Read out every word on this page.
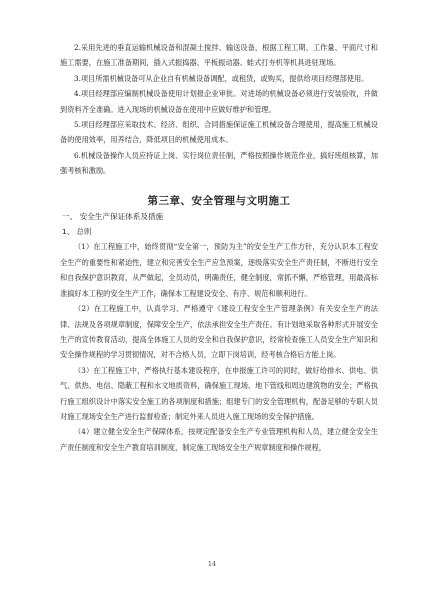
2.采用先进的垂直运输机械设备和混凝土搅拌、输送设备，根据工程工期、工作量、平面尺寸和施工需要，在施工准备期间，插入式振捣器、平板振动器、蛙式打夯机等机具进驻现场。

3.项目所需机械设备可从企业自有机械设备调配，或租赁，或购买，提供给项目经理部使用。

4.项目经理部应编制机械设备使用计划报企业审批。对进场的机械设备必须进行安装验收，并做到资料齐全准确。进入现场的机械设备在使用中应做好维护和管理。

5.项目经理部应采取技术、经济、组织、合同措施保证施工机械设备合理使用，提高施工机械设备的使用效率，用养结合，降低项目的机械使用成本。

6.机械设备操作人员应持证上岗、实行岗位责任制，严格按照操作规范作业，搞好班组核算，加强考核和激励。

第三章、安全管理与文明施工
一、 安全生产保证体系及措施
1、 总则

（1）在工程施工中，始终贯彻“安全第一，预防为主”的安全生产工作方针，充分认识本工程安全生产的重要性和紧迫性，建立和完善安全生产应急预案，逐级落实安全生产责任制，不断进行安全和自我保护意识教育，从严做起，全员动员，明确责任，健全制度，常抓不懈，严格管理，用最高标准搞好本工程的安全生产工作，确保本工程建设安全、有序、规范和顺利进行。

（2）在工程施工中，认真学习、严格遵守《建设工程安全生产管理条例》有关安全生产的法律、法规及各项规章制度，保障安全生产，依法承担安全生产责任。有计划地采取各种形式开展安全生产的宣传教育活动，提高全体施工人员的安全和自我保护意识，经常检查施工人员安全生产知识和安全操作规程的学习贯彻情况，对不合格人员，立即下岗培训，经考核合格后方能上岗。

（3）在工程施工中，严格执行基本建设程序，在申报施工许可的同时，做好给排水、供电、供气、供热、电信、隐蔽工程和水文地质资料，确保施工现场、地下管线和周边建筑物的安全；严格执行施工组织设计中落实安全施工的各项制度和措施；组建专门的安全管理机构，配备足够的专职人员对施工现场安全生产进行监督检查；制定外来人员进入施工现场的安全保护措施。

（4）建立健全安全生产保障体系，按规定配备安全生产专业管理机构和人员，建立健全安全生产责任制度和安全生产教育培训制度，制定施工现场安全生产规章制度和操作规程，

14
